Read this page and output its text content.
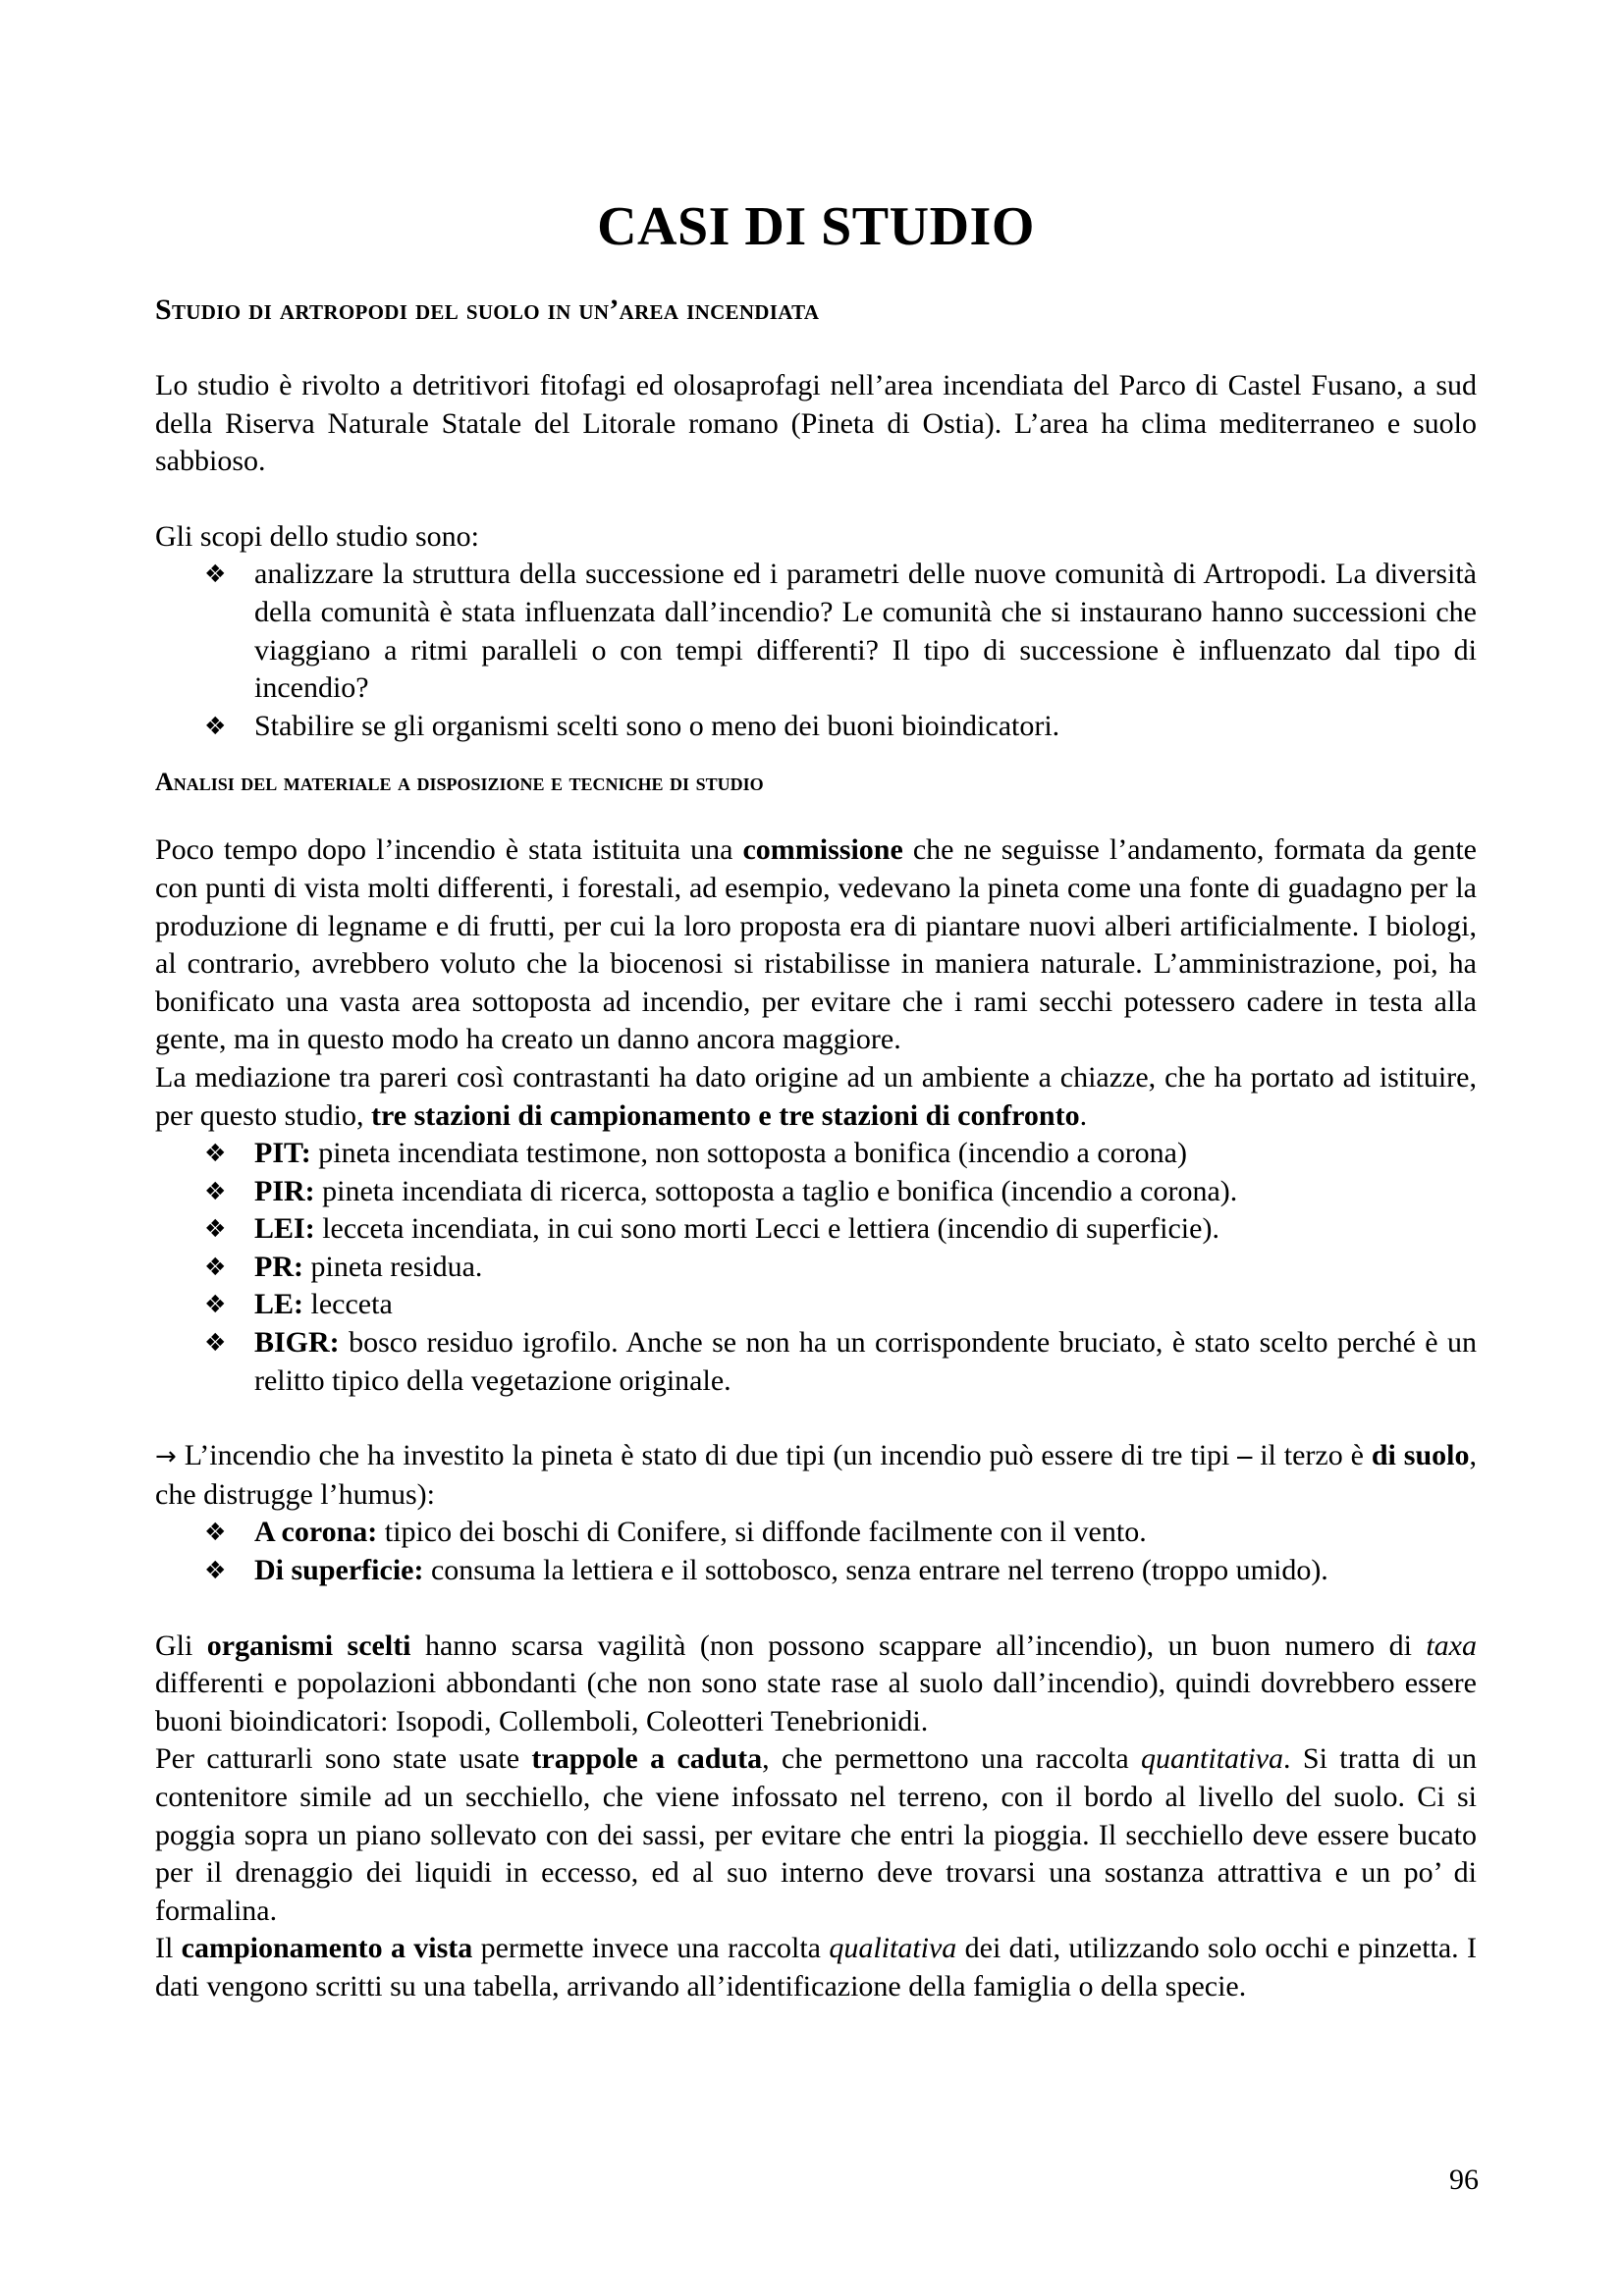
CASI DI STUDIO
Studio di artropodi del suolo in un’area incendiata

Lo studio è rivolto a detritivori fitofagi ed olosaprofagi nell’area incendiata del Parco di Castel Fusano, a sud della Riserva Naturale Statale del Litorale romano (Pineta di Ostia). L’area ha clima mediterraneo e suolo sabbioso.

Gli scopi dello studio sono:

❖ analizzare la struttura della successione ed i parametri delle nuove comunità di Artropodi. La diversità della comunità è stata influenzata dall’incendio? Le comunità che si instaurano hanno successioni che viaggiano a ritmi paralleli o con tempi differenti? Il tipo di successione è influenzato dal tipo di incendio?
❖ Stabilire se gli organismi scelti sono o meno dei buoni bioindicatori.
Analisi del materiale a disposizione e tecniche di studio

Poco tempo dopo l’incendio è stata istituita una commissione che ne seguisse l’andamento, formata da gente con punti di vista molti differenti, i forestali, ad esempio, vedevano la pineta come una fonte di guadagno per la produzione di legname e di frutti, per cui la loro proposta era di piantare nuovi alberi artificialmente. I biologi, al contrario, avrebbero voluto che la biocenosi si ristabilisse in maniera naturale. L’amministrazione, poi, ha bonificato una vasta area sottoposta ad incendio, per evitare che i rami secchi potessero cadere in testa alla gente, ma in questo modo ha creato un danno ancora maggiore.

La mediazione tra pareri così contrastanti ha dato origine ad un ambiente a chiazze, che ha portato ad istituire, per questo studio, tre stazioni di campionamento e tre stazioni di confronto.

❖ PIT: pineta incendiata testimone, non sottoposta a bonifica (incendio a corona)
❖ PIR: pineta incendiata di ricerca, sottoposta a taglio e bonifica (incendio a corona).
❖ LEI: lecceta incendiata, in cui sono morti Lecci e lettiera (incendio di superficie).
❖ PR: pineta residua.
❖ LE: lecceta
❖ BIGR: bosco residuo igrofilo. Anche se non ha un corrispondente bruciato, è stato scelto perché è un relitto tipico della vegetazione originale.

→ L’incendio che ha investito la pineta è stato di due tipi (un incendio può essere di tre tipi – il terzo è di suolo, che distrugge l’humus):

❖ A corona: tipico dei boschi di Conifere, si diffonde facilmente con il vento.
❖ Di superficie: consuma la lettiera e il sottobosco, senza entrare nel terreno (troppo umido).

Gli organismi scelti hanno scarsa vagilità (non possono scappare all’incendio), un buon numero di taxa differenti e popolazioni abbondanti (che non sono state rase al suolo dall’incendio), quindi dovrebbero essere buoni bioindicatori: Isopodi, Collemboli, Coleotteri Tenebrionidi.

Per catturarli sono state usate trappole a caduta, che permettono una raccolta quantitativa. Si tratta di un contenitore simile ad un secchiello, che viene infossato nel terreno, con il bordo al livello del suolo. Ci si poggia sopra un piano sollevato con dei sassi, per evitare che entri la pioggia. Il secchiello deve essere bucato per il drenaggio dei liquidi in eccesso, ed al suo interno deve trovarsi una sostanza attrattiva e un po’ di formalina.

Il campionamento a vista permette invece una raccolta qualitativa dei dati, utilizzando solo occhi e pinzetta. I dati vengono scritti su una tabella, arrivando all’identificazione della famiglia o della specie.

96
